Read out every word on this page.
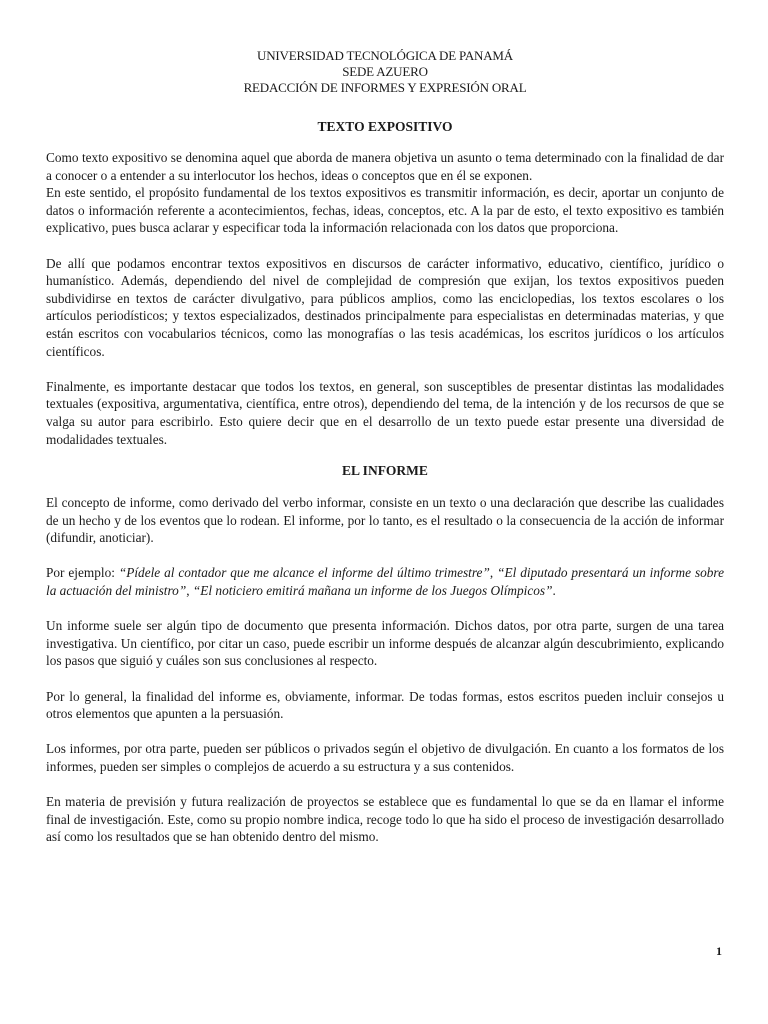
UNIVERSIDAD TECNOLÓGICA DE PANAMÁ
SEDE AZUERO
REDACCIÓN DE INFORMES Y EXPRESIÓN ORAL
TEXTO EXPOSITIVO

Como texto expositivo se denomina aquel que aborda de manera objetiva un asunto o tema determinado con la finalidad de dar a conocer o a entender a su interlocutor los hechos, ideas o conceptos que en él se exponen.

En este sentido, el propósito fundamental de los textos expositivos es transmitir información, es decir, aportar un conjunto de datos o información referente a acontecimientos, fechas, ideas, conceptos, etc. A la par de esto, el texto expositivo es también explicativo, pues busca aclarar y especificar toda la información relacionada con los datos que proporciona.

De allí que podamos encontrar textos expositivos en discursos de carácter informativo, educativo, científico, jurídico o humanístico. Además, dependiendo del nivel de complejidad de compresión que exijan, los textos expositivos pueden subdividirse en textos de carácter divulgativo, para públicos amplios, como las enciclopedias, los textos escolares o los artículos periodísticos; y textos especializados, destinados principalmente para especialistas en determinadas materias, y que están escritos con vocabularios técnicos, como las monografías o las tesis académicas, los escritos jurídicos o los artículos científicos.

Finalmente, es importante destacar que todos los textos, en general, son susceptibles de presentar distintas las modalidades textuales (expositiva, argumentativa, científica, entre otros), dependiendo del tema, de la intención y de los recursos de que se valga su autor para escribirlo. Esto quiere decir que en el desarrollo de un texto puede estar presente una diversidad de modalidades textuales.

EL INFORME

El concepto de informe, como derivado del verbo informar, consiste en un texto o una declaración que describe las cualidades de un hecho y de los eventos que lo rodean. El informe, por lo tanto, es el resultado o la consecuencia de la acción de informar (difundir, anoticiar).

Por ejemplo: “Pídele al contador que me alcance el informe del último trimestre”, “El diputado presentará un informe sobre la actuación del ministro”, “El noticiero emitirá mañana un informe de los Juegos Olímpicos”.

Un informe suele ser algún tipo de documento que presenta información. Dichos datos, por otra parte, surgen de una tarea investigativa. Un científico, por citar un caso, puede escribir un informe después de alcanzar algún descubrimiento, explicando los pasos que siguió y cuáles son sus conclusiones al respecto.

Por lo general, la finalidad del informe es, obviamente, informar. De todas formas, estos escritos pueden incluir consejos u otros elementos que apunten a la persuasión.

Los informes, por otra parte, pueden ser públicos o privados según el objetivo de divulgación. En cuanto a los formatos de los informes, pueden ser simples o complejos de acuerdo a su estructura y a sus contenidos.

En materia de previsión y futura realización de proyectos se establece que es fundamental lo que se da en llamar el informe final de investigación. Este, como su propio nombre indica, recoge todo lo que ha sido el proceso de investigación desarrollado así como los resultados que se han obtenido dentro del mismo.

1
